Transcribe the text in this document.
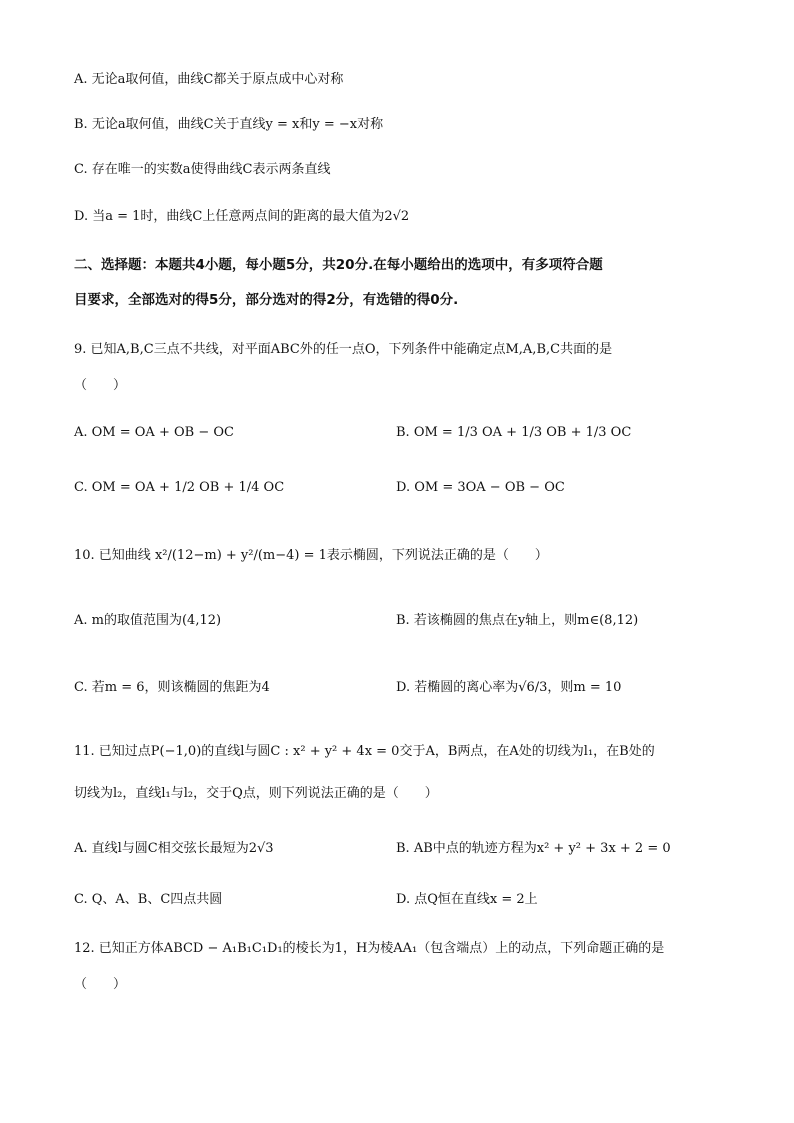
A. 无论a取何值，曲线C都关于原点成中心对称
B. 无论a取何值，曲线C关于直线y = x和y = −x对称
C. 存在唯一的实数a使得曲线C表示两条直线
D. 当a = 1时，曲线C上任意两点间的距离的最大值为2√2
二、选择题：本题共4小题，每小题5分，共20分.在每小题给出的选项中，有多项符合题
目要求，全部选对的得5分，部分选对的得2分，有选错的得0分.
9. 已知A,B,C三点不共线，对平面ABC外的任一点O，下列条件中能确定点M,A,B,C共面的是
（　　）
A. OM = OA + OB − OC	B. OM = 1/3 OA + 1/3 OB + 1/3 OC
C. OM = OA + 1/2 OB + 1/4 OC	D. OM = 3OA − OB − OC
10. 已知曲线 x²/(12−m) + y²/(m−4) = 1表示椭圆，下列说法正确的是（　　）
A. m的取值范围为(4,12)	B. 若该椭圆的焦点在y轴上，则m∈(8,12)
C. 若m = 6，则该椭圆的焦距为4	D. 若椭圆的离心率为√6/3，则m = 10
11. 已知过点P(−1,0)的直线l与圆C : x² + y² + 4x = 0交于A，B两点，在A处的切线为l₁，在B处的
切线为l₂，直线l₁与l₂，交于Q点，则下列说法正确的是（　　）
A. 直线l与圆C相交弦长最短为2√3	B. AB中点的轨迹方程为x² + y² + 3x + 2 = 0
C. Q、A、B、C四点共圆	D. 点Q恒在直线x = 2上
12. 已知正方体ABCD − A₁B₁C₁D₁的棱长为1，H为棱AA₁（包含端点）上的动点，下列命题正确的是
（　　）
